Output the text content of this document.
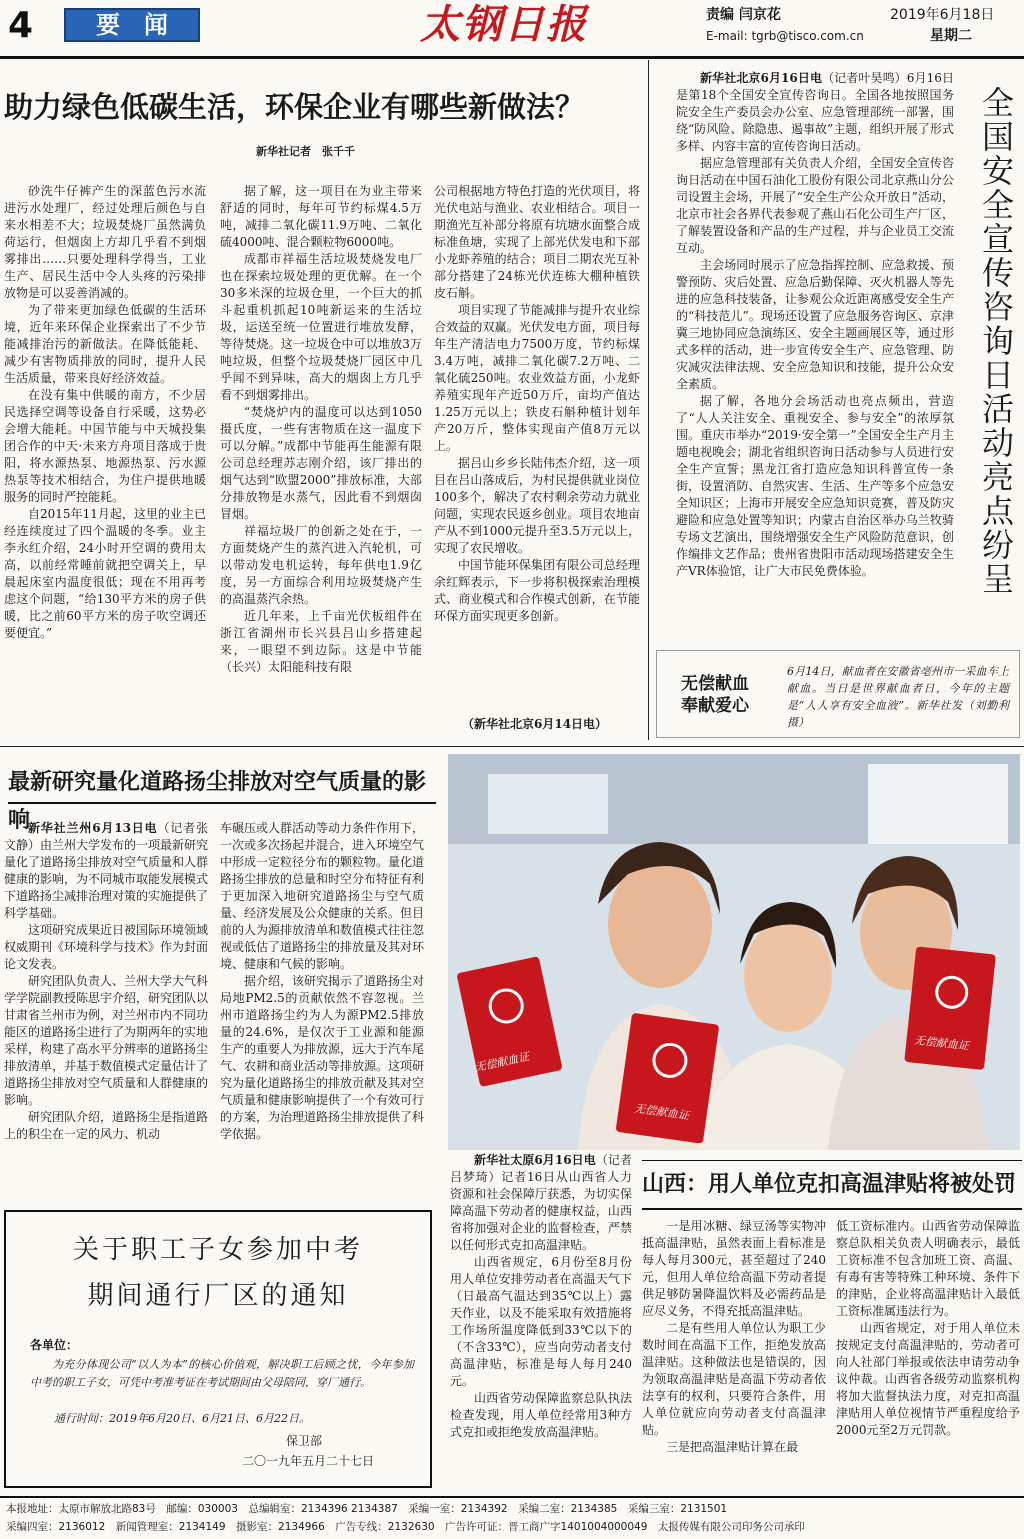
4	要　闻	太钢日报	责编 闫京花
E-mail: tgrb@tisco.com.cn
2019年6月18日
星期二
助力绿色低碳生活，环保企业有哪些新做法？
新华社记者　张千千

砂洗牛仔裤产生的深蓝色污水流进污水处理厂，经过处理后颜色与自来水相差不大；垃圾焚烧厂虽然满负荷运行，但烟囱上方却几乎看不到烟雾排出……只要处理科学得当，工业生产、居民生活中令人头疼的污染排放物是可以妥善消减的。

为了带来更加绿色低碳的生活环境，近年来环保企业探索出了不少节能减排治污的新做法。在降低能耗、减少有害物质排放的同时，提升人民生活质量，带来良好经济效益。

在没有集中供暖的南方，不少居民选择空调等设备自行采暖，这势必会增大能耗。中国节能与中天城投集团合作的中天·未来方舟项目落成于贵阳，将水源热泵、地源热泵、污水源热泵等技术相结合，为住户提供地暖服务的同时严控能耗。

自2015年11月起，这里的业主已经连续度过了四个温暖的冬季。业主李永红介绍，24小时开空调的费用太高，以前经常睡前就把空调关上，早晨起床室内温度很低；现在不用再考虑这个问题，“给130平方米的房子供暖，比之前60平方米的房子吹空调还要便宜。”

据了解，这一项目在为业主带来舒适的同时，每年可节约标煤4.5万吨，减排二氧化碳11.9万吨、二氧化硫4000吨、混合颗粒物6000吨。

成都市祥福生活垃圾焚烧发电厂也在探索垃圾处理的更优解。在一个30多米深的垃圾仓里，一个巨大的抓斗起重机抓起10吨新运来的生活垃圾，运送至统一位置进行堆放发酵，等待焚烧。这一垃圾仓中可以堆放3万吨垃圾，但整个垃圾焚烧厂园区中几乎闻不到异味，高大的烟囱上方几乎看不到烟雾排出。

“焚烧炉内的温度可以达到1050摄氏度，一些有害物质在这一温度下可以分解。”成都中节能再生能源有限公司总经理苏志刚介绍，该厂排出的烟气达到“欧盟2000”排放标准，大部分排放物是水蒸气，因此看不到烟囱冒烟。

祥福垃圾厂的创新之处在于，一方面焚烧产生的蒸汽进入汽轮机，可以带动发电机运转，每年供电1.9亿度，另一方面综合利用垃圾焚烧产生的高温蒸汽余热。

近几年来，上千亩光伏板组件在浙江省湖州市长兴县吕山乡搭建起来，一眼望不到边际。这是中节能（长兴）太阳能科技有限

公司根据地方特色打造的光伏项目，将光伏电站与渔业、农业相结合。项目一期渔光互补部分将原有坑塘水面整合成标准鱼塘，实现了上部光伏发电和下部小龙虾养殖的结合；项目二期农光互补部分搭建了24栋光伏连栋大棚种植铁皮石斛。

项目实现了节能减排与提升农业综合效益的双赢。光伏发电方面，项目每年生产清洁电力7500万度，节约标煤3.4万吨，减排二氧化碳7.2万吨、二氧化硫250吨。农业效益方面，小龙虾养殖实现年产近50万斤，亩均产值达1.25万元以上；铁皮石斛种植计划年产20万斤，整体实现亩产值8万元以上。

据吕山乡乡长陆伟杰介绍，这一项目在吕山落成后，为村民提供就业岗位100多个，解决了农村剩余劳动力就业问题，实现农民返乡创业。项目农地亩产从不到1000元提升至3.5万元以上，实现了农民增收。

中国节能环保集团有限公司总经理余红辉表示，下一步将积极探索治理模式、商业模式和合作模式创新，在节能环保方面实现更多创新。

（新华社北京6月14日电）

新华社北京6月16日电（记者叶昊鸣）6月16日是第18个全国安全宣传咨询日。全国各地按照国务院安全生产委员会办公室、应急管理部统一部署，围绕“防风险、除隐患、遏事故”主题，组织开展了形式多样、内容丰富的宣传咨询日活动。

据应急管理部有关负责人介绍，全国安全宣传咨询日活动在中国石油化工股份有限公司北京燕山分公司设置主会场，开展了“安全生产公众开放日”活动，北京市社会各界代表参观了燕山石化公司生产厂区，了解装置设备和产品的生产过程，并与企业员工交流互动。

主会场同时展示了应急指挥控制、应急救援、预警预防、灾后处置、应急后勤保障、灭火机器人等先进的应急科技装备，让参观公众近距离感受安全生产的“科技范儿”。现场还设置了应急服务咨询区、京津冀三地协同应急演练区、安全主题画展区等，通过形式多样的活动，进一步宣传安全生产、应急管理、防灾减灾法律法规、安全应急知识和技能，提升公众安全素质。

据了解，各地分会场活动也亮点频出，营造了“人人关注安全、重视安全、参与安全”的浓厚氛围。重庆市举办“2019·安全第一”全国安全生产月主题电视晚会；湖北省组织咨询日活动参与人员进行安全生产宣誓；黑龙江省打造应急知识科普宣传一条街，设置消防、自然灾害、生活、生产等多个应急安全知识区；上海市开展安全应急知识竞赛，普及防灾避险和应急处置等知识；内蒙古自治区举办乌兰牧骑专场文艺演出，围绕增强安全生产风险防范意识，创作编排文艺作品；贵州省贵阳市活动现场搭建安全生产VR体验馆，让广大市民免费体验。	全国安全宣传咨询日活动亮点纷呈
无偿献血
奉献爱心
6月14日，献血者在安徽省亳州市一采血车上献血。当日是世界献血者日，今年的主题是“人人享有安全血液”。新华社发（刘勤利 摄）
最新研究量化道路扬尘排放对空气质量的影响

新华社兰州6月13日电（记者张文静）由兰州大学发布的一项最新研究量化了道路扬尘排放对空气质量和人群健康的影响，为不同城市取能发展模式下道路扬尘减排治理对策的实施提供了科学基础。

这项研究成果近日被国际环境领域权威期刊《环境科学与技术》作为封面论文发表。

研究团队负责人、兰州大学大气科学学院副教授陈思宇介绍，研究团队以甘肃省兰州市为例，对兰州市内不同功能区的道路扬尘进行了为期两年的实地采样，构建了高水平分辨率的道路扬尘排放清单，并基于数值模式定量估计了道路扬尘排放对空气质量和人群健康的影响。

研究团队介绍，道路扬尘是指道路上的积尘在一定的风力、机动

车碾压或人群活动等动力条件作用下，一次或多次扬起并混合，进入环境空气中形成一定粒径分布的颗粒物。量化道路扬尘排放的总量和时空分布特征有利于更加深入地研究道路扬尘与空气质量、经济发展及公众健康的关系。但目前的人为源排放清单和数值模式往往忽视或低估了道路扬尘的排放量及其对环境、健康和气候的影响。

据介绍，该研究揭示了道路扬尘对局地PM2.5的贡献依然不容忽视。兰州市道路扬尘约为人为源PM2.5排放量的24.6%，是仅次于工业源和能源生产的重要人为排放源，远大于汽车尾气、农耕和商业活动等排放源。这项研究为量化道路扬尘的排放贡献及其对空气质量和健康影响提供了一个有效可行的方案，为治理道路扬尘排放提供了科学依据。

无偿献血证
无偿献血证
无偿献血证
关于职工子女参加中考
期间通行厂区的通知
各单位：
为充分体现公司“以人为本”的核心价值观，解决职工后顾之忧，今年参加中考的职工子女，可凭中考准考证在考试期间由父母陪同，穿厂通行。
通行时间：2019年6月20日、6月21日、6月22日。
保卫部
二〇一九年五月二十七日
山西：用人单位克扣高温津贴将被处罚

新华社太原6月16日电（记者吕梦琦）记者16日从山西省人力资源和社会保障厅获悉，为切实保障高温下劳动者的健康权益，山西省将加强对企业的监督检查，严禁以任何形式克扣高温津贴。

山西省规定，6月份至8月份用人单位安排劳动者在高温天气下（日最高气温达到35℃以上）露天作业，以及不能采取有效措施将工作场所温度降低到33℃以下的（不含33℃），应当向劳动者支付高温津贴，标准是每人每月240元。

山西省劳动保障监察总队执法检查发现，用人单位经常用3种方式克扣或拒绝发放高温津贴。

一是用冰糖、绿豆汤等实物冲抵高温津贴，虽然表面上看标准是每人每月300元，甚至超过了240元，但用人单位给高温下劳动者提供足够防暑降温饮料及必需药品是应尽义务，不得充抵高温津贴。

二是有些用人单位认为职工少数时间在高温下工作，拒绝发放高温津贴。这种做法也是错误的，因为领取高温津贴是高温下劳动者依法享有的权利，只要符合条件，用人单位就应向劳动者支付高温津贴。

三是把高温津贴计算在最

低工资标准内。山西省劳动保障监察总队相关负责人明确表示，最低工资标准不包含加班工资、高温、有毒有害等特殊工种环境、条件下的津贴，企业将高温津贴计入最低工资标准属违法行为。

山西省规定，对于用人单位未按规定支付高温津贴的，劳动者可向人社部门举报或依法申请劳动争议仲裁。山西省各级劳动监察机构将加大监督执法力度，对克扣高温津贴用人单位视情节严重程度给予2000元至2万元罚款。

本报地址：太原市解放北路83号　邮编：030003　总编辑室：2134396 2134387　采编一室：2134392　采编二室：2134385　采编三室：2131501
采编四室：2136012　新闻管理室：2134149　摄影室：2134966　广告专线：2132630　广告许可证：晋工商广字1401004000049　太报传媒有限公司印务公司承印
